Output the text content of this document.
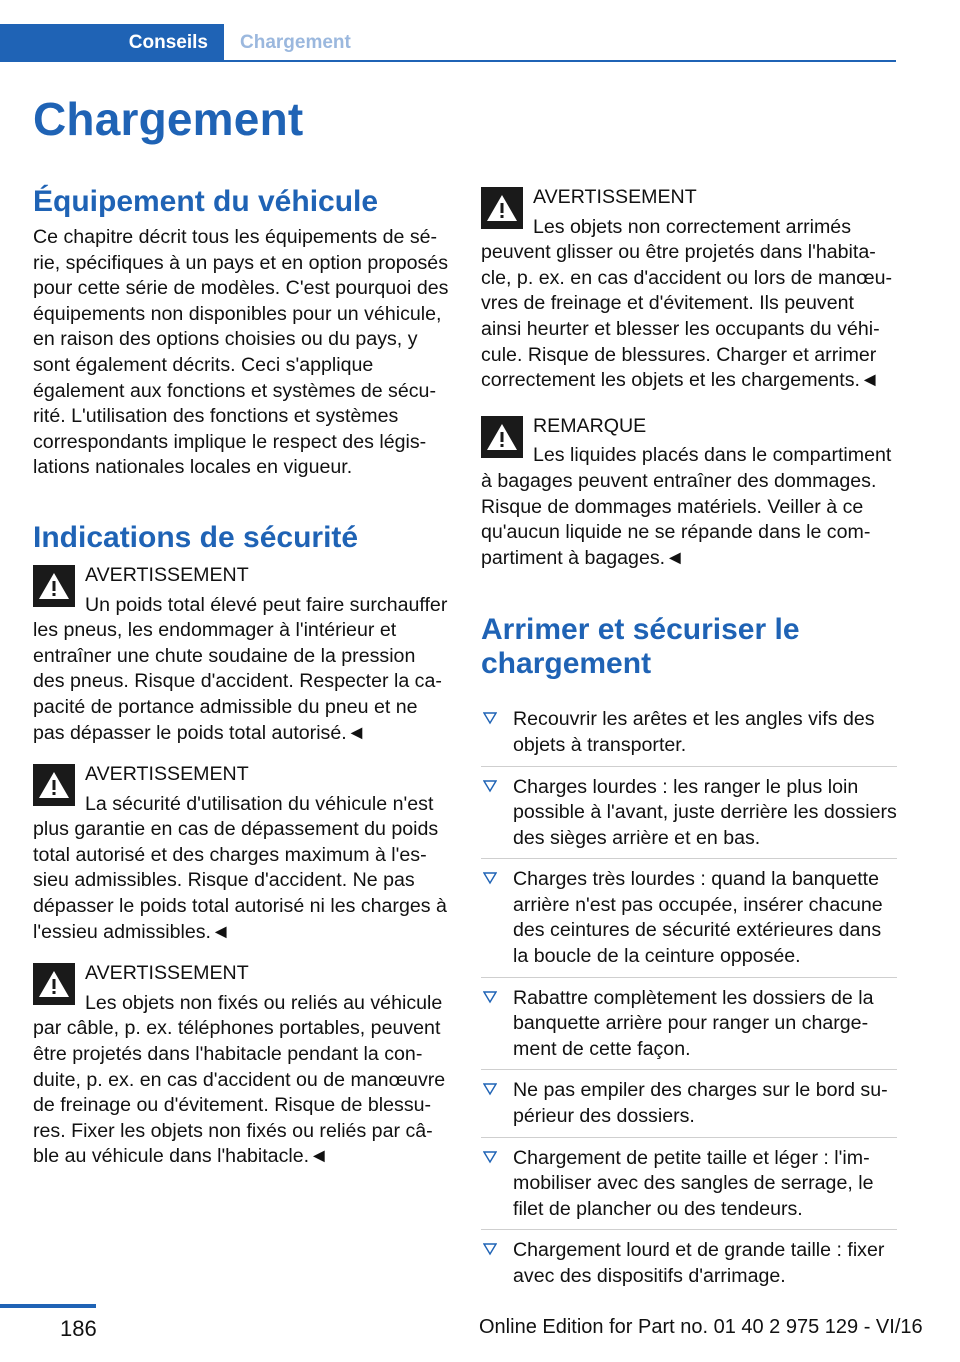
Conseils	Chargement
Chargement
Équipement du véhicule

Ce chapitre décrit tous les équipements de série, spécifiques à un pays et en option proposés pour cette série de modèles. C'est pourquoi des équipements non disponibles pour un véhicule, en raison des options choisies ou du pays, y sont également décrits. Ceci s'applique également aux fonctions et systèmes de sécurité. L'utilisation des fonctions et systèmes correspondants implique le respect des législations nationales locales en vigueur.

Indications de sécurité
AVERTISSEMENT

Un poids total élevé peut faire surchauffer les pneus, les endommager à l'intérieur et entraîner une chute soudaine de la pression des pneus. Risque d'accident. Respecter la capacité de portance admissible du pneu et ne pas dépasser le poids total autorisé.◄

AVERTISSEMENT

La sécurité d'utilisation du véhicule n'est plus garantie en cas de dépassement du poids total autorisé et des charges maximum à l'essieu admissibles. Risque d'accident. Ne pas dépasser le poids total autorisé ni les charges à l'essieu admissibles.◄

AVERTISSEMENT

Les objets non fixés ou reliés au véhicule par câble, p. ex. téléphones portables, peuvent être projetés dans l'habitacle pendant la conduite, p. ex. en cas d'accident ou de manœuvre de freinage ou d'évitement. Risque de blessures. Fixer les objets non fixés ou reliés par câble au véhicule dans l'habitacle.◄

AVERTISSEMENT

Les objets non correctement arrimés peuvent glisser ou être projetés dans l'habitacle, p. ex. en cas d'accident ou lors de manœuvres de freinage et d'évitement. Ils peuvent ainsi heurter et blesser les occupants du véhicule. Risque de blessures. Charger et arrimer correctement les objets et les chargements.◄

REMARQUE

Les liquides placés dans le compartiment à bagages peuvent entraîner des dommages. Risque de dommages matériels. Veiller à ce qu'aucun liquide ne se répande dans le compartiment à bagages.◄

Arrimer et sécuriser le chargement
Recouvrir les arêtes et les angles vifs des objets à transporter.
Charges lourdes : les ranger le plus loin possible à l'avant, juste derrière les dossiers des sièges arrière et en bas.
Charges très lourdes : quand la banquette arrière n'est pas occupée, insérer chacune des ceintures de sécurité extérieures dans la boucle de la ceinture opposée.
Rabattre complètement les dossiers de la banquette arrière pour ranger un chargement de cette façon.
Ne pas empiler des charges sur le bord supérieur des dossiers.
Chargement de petite taille et léger : l'immobiliser avec des sangles de serrage, le filet de plancher ou des tendeurs.
Chargement lourd et de grande taille : fixer avec des dispositifs d'arrimage.
186	Online Edition for Part no. 01 40 2 975 129 - VI/16
